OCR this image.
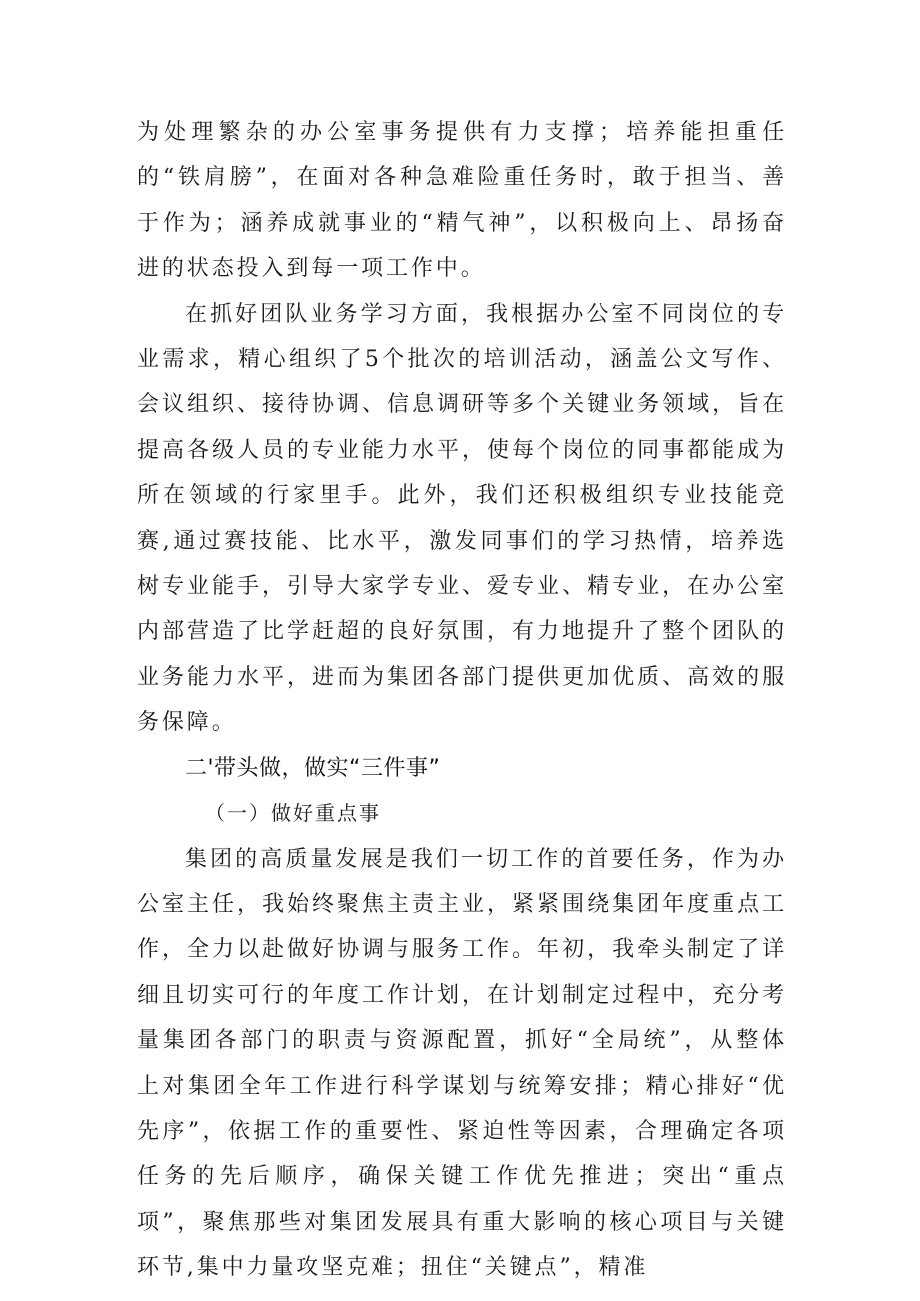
为处理繁杂的办公室事务提供有力支撑；培养能担重任的“铁肩膀”，在面对各种急难险重任务时，敢于担当、善于作为；涵养成就事业的“精气神”，以积极向上、昂扬奋进的状态投入到每一项工作中。

在抓好团队业务学习方面，我根据办公室不同岗位的专业需求，精心组织了5个批次的培训活动，涵盖公文写作、会议组织、接待协调、信息调研等多个关键业务领域，旨在提高各级人员的专业能力水平，使每个岗位的同事都能成为所在领域的行家里手。此外，我们还积极组织专业技能竞赛,通过赛技能、比水平，激发同事们的学习热情，培养选树专业能手，引导大家学专业、爱专业、精专业，在办公室内部营造了比学赶超的良好氛围，有力地提升了整个团队的业务能力水平，进而为集团各部门提供更加优质、高效的服务保障。

二'带头做，做实“三件事”

（一）做好重点事

集团的高质量发展是我们一切工作的首要任务，作为办公室主任，我始终聚焦主责主业，紧紧围绕集团年度重点工作，全力以赴做好协调与服务工作。年初，我牵头制定了详细且切实可行的年度工作计划，在计划制定过程中，充分考量集团各部门的职责与资源配置，抓好“全局统”，从整体上对集团全年工作进行科学谋划与统筹安排；精心排好“优先序”，依据工作的重要性、紧迫性等因素，合理确定各项任务的先后顺序，确保关键工作优先推进；突出“重点项”，聚焦那些对集团发展具有重大影响的核心项目与关键环节,集中力量攻坚克难；扭住“关键点”，精准
